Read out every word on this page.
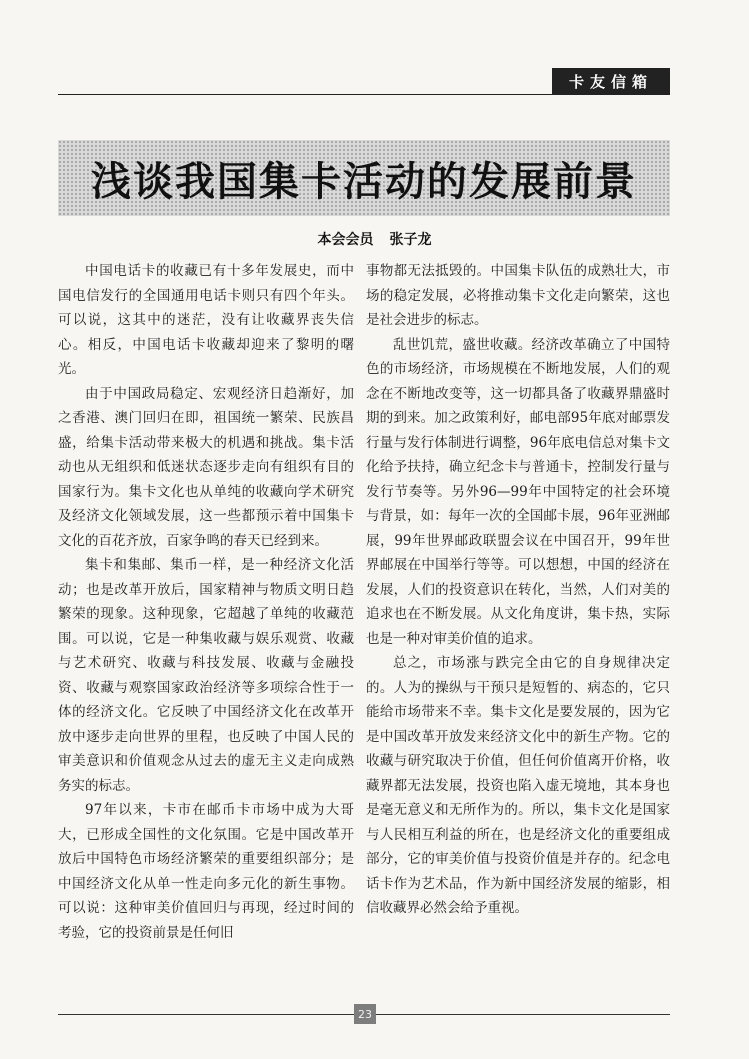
卡友信箱
浅谈我国集卡活动的发展前景
本会会员 张子龙

中国电话卡的收藏已有十多年发展史，而中国电信发行的全国通用电话卡则只有四个年头。可以说，这其中的迷茫，没有让收藏界丧失信心。相反，中国电话卡收藏却迎来了黎明的曙光。

由于中国政局稳定、宏观经济日趋渐好，加之香港、澳门回归在即，祖国统一繁荣、民族昌盛，给集卡活动带来极大的机遇和挑战。集卡活动也从无组织和低迷状态逐步走向有组织有目的国家行为。集卡文化也从单纯的收藏向学术研究及经济文化领域发展，这一些都预示着中国集卡文化的百花齐放，百家争鸣的春天已经到来。

集卡和集邮、集币一样，是一种经济文化活动；也是改革开放后，国家精神与物质文明日趋繁荣的现象。这种现象，它超越了单纯的收藏范围。可以说，它是一种集收藏与娱乐观赏、收藏与艺术研究、收藏与科技发展、收藏与金融投资、收藏与观察国家政治经济等多项综合性于一体的经济文化。它反映了中国经济文化在改革开放中逐步走向世界的里程，也反映了中国人民的审美意识和价值观念从过去的虚无主义走向成熟务实的标志。

97年以来，卡市在邮币卡市场中成为大哥大，已形成全国性的文化氛围。它是中国改革开放后中国特色市场经济繁荣的重要组织部分；是中国经济文化从单一性走向多元化的新生事物。可以说：这种审美价值回归与再现，经过时间的考验，它的投资前景是任何旧

事物都无法抵毁的。中国集卡队伍的成熟壮大，市场的稳定发展，必将推动集卡文化走向繁荣，这也是社会进步的标志。

乱世饥荒，盛世收藏。经济改革确立了中国特色的市场经济，市场规模在不断地发展，人们的观念在不断地改变等，这一切都具备了收藏界鼎盛时期的到来。加之政策利好，邮电部95年底对邮票发行量与发行体制进行调整，96年底电信总对集卡文化给予扶持，确立纪念卡与普通卡，控制发行量与发行节奏等。另外96—99年中国特定的社会环境与背景，如：每年一次的全国邮卡展，96年亚洲邮展，99年世界邮政联盟会议在中国召开，99年世界邮展在中国举行等等。可以想想，中国的经济在发展，人们的投资意识在转化，当然，人们对美的追求也在不断发展。从文化角度讲，集卡热，实际也是一种对审美价值的追求。

总之，市场涨与跌完全由它的自身规律决定的。人为的操纵与干预只是短暂的、病态的，它只能给市场带来不幸。集卡文化是要发展的，因为它是中国改革开放发来经济文化中的新生产物。它的收藏与研究取决于价值，但任何价值离开价格，收藏界都无法发展，投资也陷入虚无境地，其本身也是毫无意义和无所作为的。所以，集卡文化是国家与人民相互利益的所在，也是经济文化的重要组成部分，它的审美价值与投资价值是并存的。纪念电话卡作为艺术品，作为新中国经济发展的缩影，相信收藏界必然会给予重视。

23
